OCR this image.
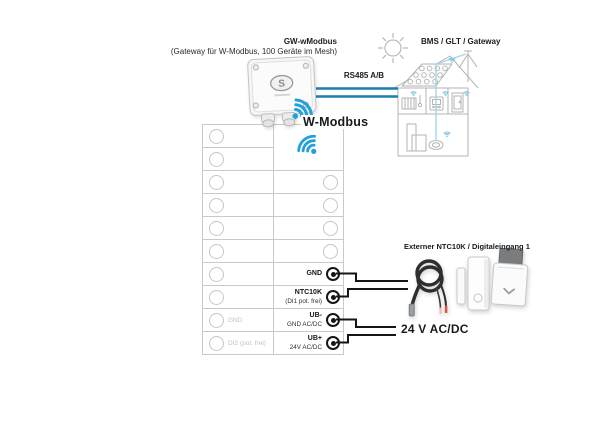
GW-wModbus
(Gateway für W-Modbus, 100 Geräte im Mesh)
BMS / GLT / Gateway
RS485 A/B
W-Modbus
Externer NTC10K / Digitaleingang 1
24 V AC/DC
S

	GND

	NTC10K
(DI1 pot. frei)

GND	UB-
GND AC/DC

DI2 (pot. frei)	UB+
24V AC/DC
